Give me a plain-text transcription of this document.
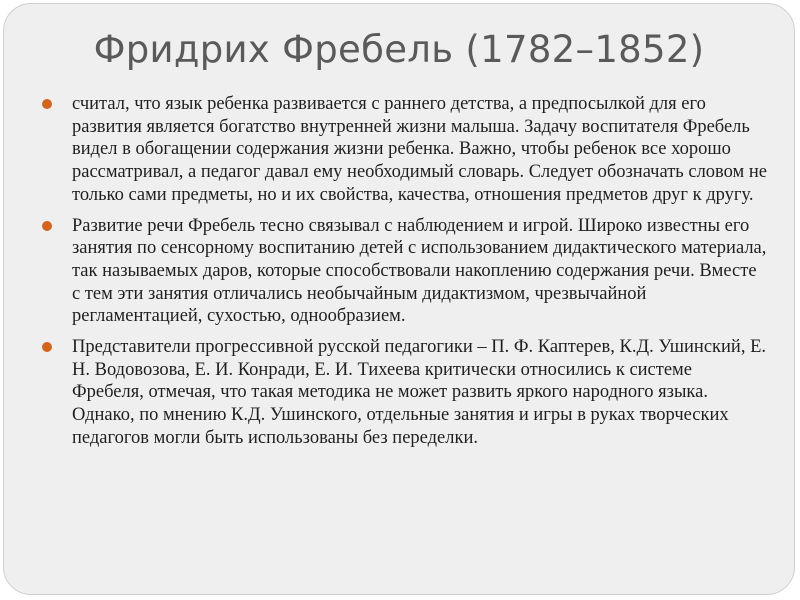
Фридрих Фребель (1782–1852)
считал, что язык ребенка развивается с раннего детства, а предпосылкой для его развития является богатство внутренней жизни малыша. Задачу воспитателя Фребель видел в обогащении содержания жизни ребенка. Важно, чтобы ребенок все хорошо рассматривал, а педагог давал ему необходимый словарь. Следует обозначать словом не только сами предметы, но и их свойства, качества, отношения предметов друг к другу.
Развитие речи Фребель тесно связывал с наблюдением и игрой. Широко известны его занятия по сенсорному воспитанию детей с использованием дидактического материала, так называемых даров, которые способствовали накоплению содержания речи. Вместе с тем эти занятия отличались необычайным дидактизмом, чрезвычайной регламентацией, сухостью, однообразием.
Представители прогрессивной русской педагогики – П. Ф. Каптерев, К.Д. Ушинский, Е. Н. Водовозова, Е. И. Конради, Е. И. Тихеева критически относились к системе Фребеля, отмечая, что такая методика не может развить яркого народного языка. Однако, по мнению К.Д. Ушинского, отдельные занятия и игры в руках творческих педагогов могли быть использованы без переделки.
